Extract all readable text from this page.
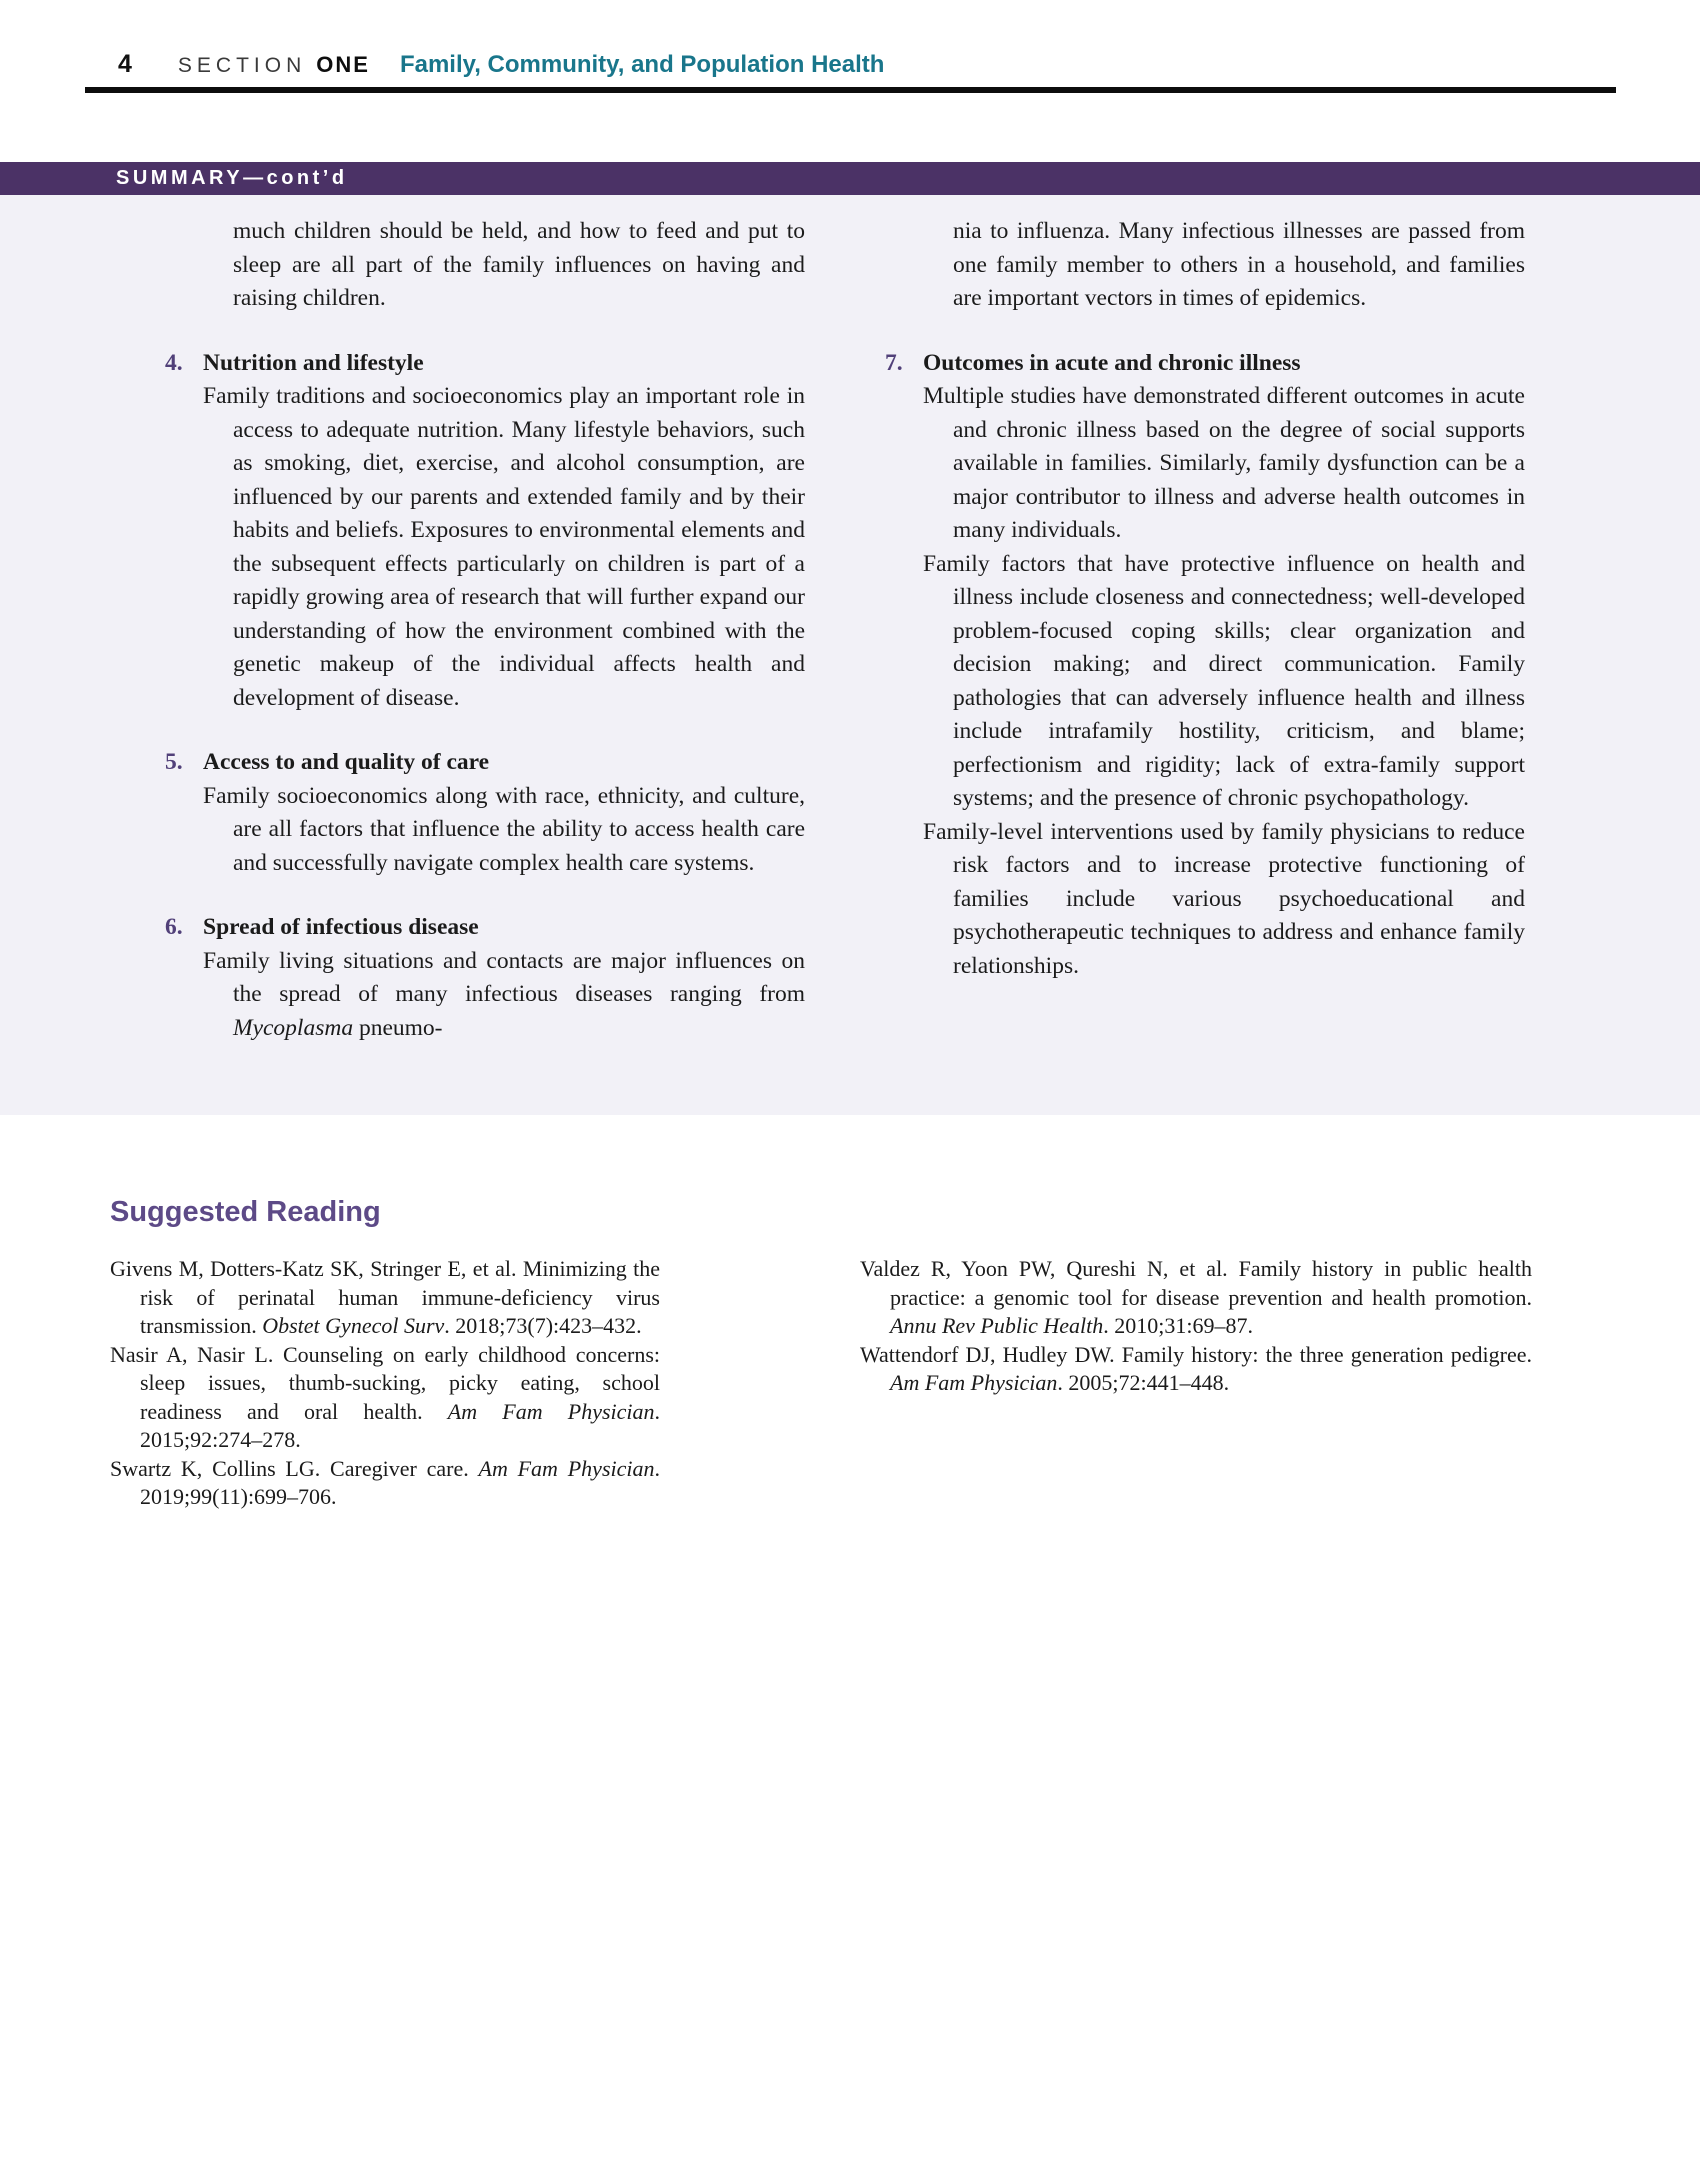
4 SECTION ONE Family, Community, and Population Health
SUMMARY—cont’d

much children should be held, and how to feed and put to sleep are all part of the family influences on having and raising children.

4. Nutrition and lifestyle

Family traditions and socioeconomics play an important role in access to adequate nutrition. Many lifestyle behaviors, such as smoking, diet, exercise, and alcohol consumption, are influenced by our parents and extended family and by their habits and beliefs. Exposures to environmental elements and the subsequent effects particularly on children is part of a rapidly growing area of research that will further expand our understanding of how the environment combined with the genetic makeup of the individual affects health and development of disease.

5. Access to and quality of care

Family socioeconomics along with race, ethnicity, and culture, are all factors that influence the ability to access health care and successfully navigate complex health care systems.

6. Spread of infectious disease

Family living situations and contacts are major influences on the spread of many infectious diseases ranging from Mycoplasma pneumo-

nia to influenza. Many infectious illnesses are passed from one family member to others in a household, and families are important vectors in times of epidemics.

7. Outcomes in acute and chronic illness

Multiple studies have demonstrated different outcomes in acute and chronic illness based on the degree of social supports available in families. Similarly, family dysfunction can be a major contributor to illness and adverse health outcomes in many individuals.

Family factors that have protective influence on health and illness include closeness and connectedness; well-developed problem-focused coping skills; clear organization and decision making; and direct communication. Family pathologies that can adversely influence health and illness include intrafamily hostility, criticism, and blame; perfectionism and rigidity; lack of extra-family support systems; and the presence of chronic psychopathology.

Family-level interventions used by family physicians to reduce risk factors and to increase protective functioning of families include various psychoeducational and psychotherapeutic techniques to address and enhance family relationships.

Suggested Reading

Givens M, Dotters-Katz SK, Stringer E, et al. Minimizing the risk of perinatal human immune-deficiency virus transmission. Obstet Gynecol Surv. 2018;73(7):423–432.

Nasir A, Nasir L. Counseling on early childhood concerns: sleep issues, thumb-sucking, picky eating, school readiness and oral health. Am Fam Physician. 2015;92:274–278.

Swartz K, Collins LG. Caregiver care. Am Fam Physician. 2019;99(11):699–706.

Valdez R, Yoon PW, Qureshi N, et al. Family history in public health practice: a genomic tool for disease prevention and health promotion. Annu Rev Public Health. 2010;31:69–87.

Wattendorf DJ, Hudley DW. Family history: the three generation pedigree. Am Fam Physician. 2005;72:441–448.
